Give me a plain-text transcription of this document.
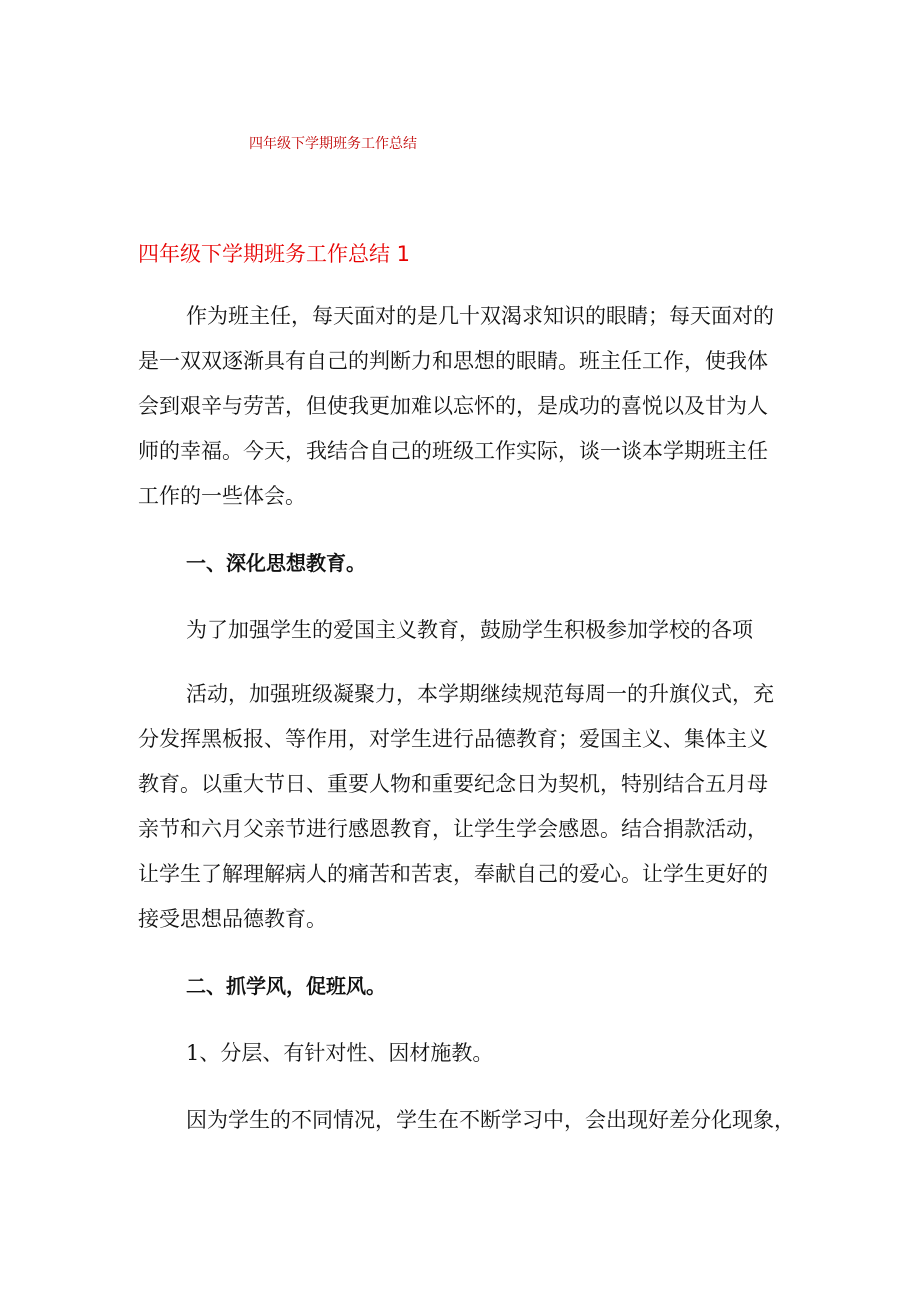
四年级下学期班务工作总结
四年级下学期班务工作总结 1
作为班主任，每天面对的是几十双渴求知识的眼睛；每天面对的
是一双双逐渐具有自己的判断力和思想的眼睛。班主任工作，使我体
会到艰辛与劳苦，但使我更加难以忘怀的，是成功的喜悦以及甘为人
师的幸福。今天，我结合自己的班级工作实际，谈一谈本学期班主任
工作的一些体会。
一、深化思想教育。
为了加强学生的爱国主义教育，鼓励学生积极参加学校的各项
活动，加强班级凝聚力，本学期继续规范每周一的升旗仪式，充
分发挥黑板报、等作用，对学生进行品德教育；爱国主义、集体主义
教育。以重大节日、重要人物和重要纪念日为契机，特别结合五月母
亲节和六月父亲节进行感恩教育，让学生学会感恩。结合捐款活动，
让学生了解理解病人的痛苦和苦衷，奉献自己的爱心。让学生更好的
接受思想品德教育。
二、抓学风，促班风。
1、分层、有针对性、因材施教。
因为学生的不同情况，学生在不断学习中，会出现好差分化现象，
